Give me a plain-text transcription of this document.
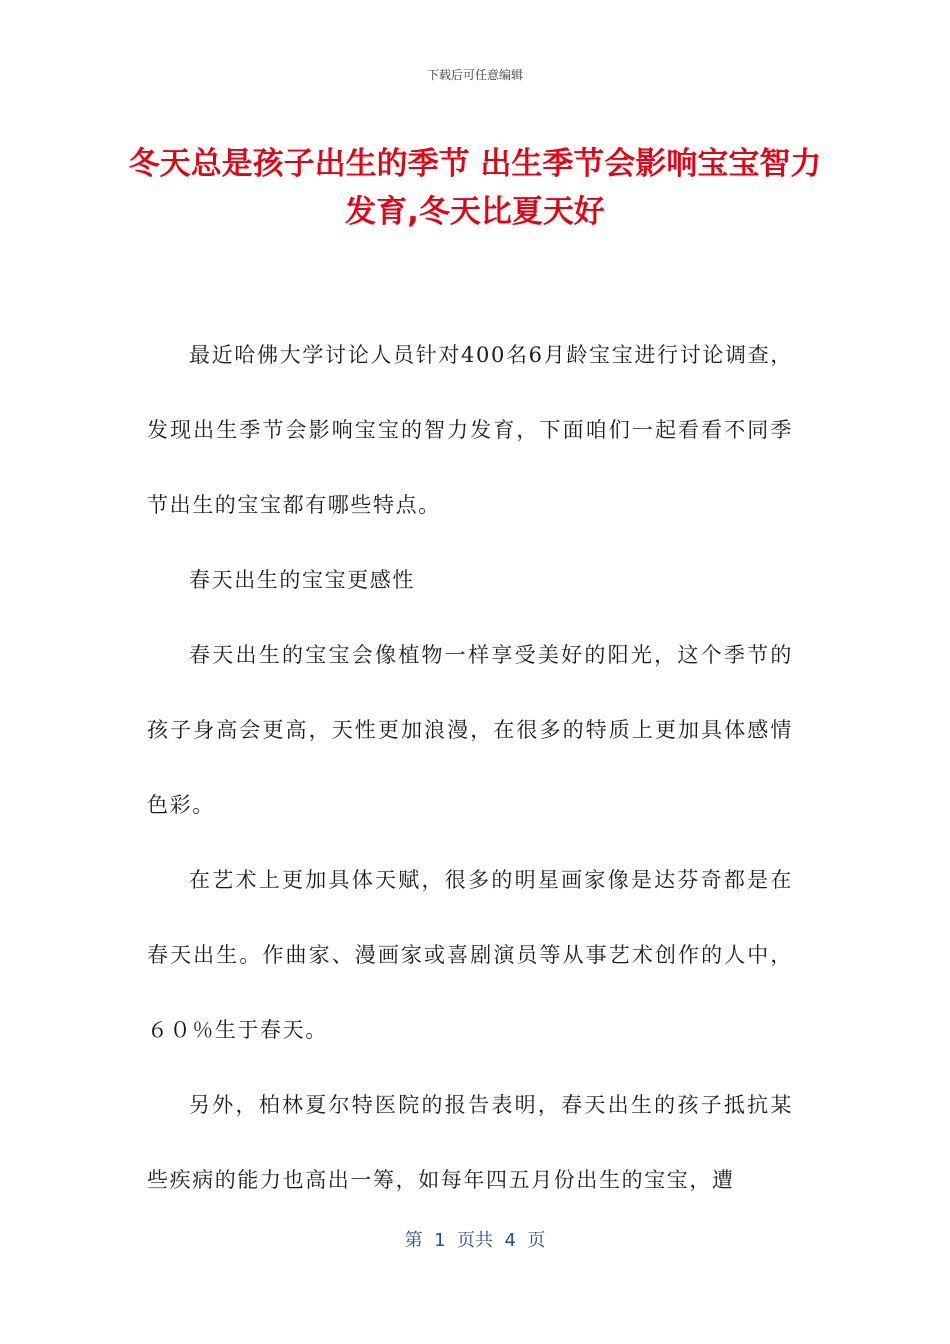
下载后可任意编辑
冬天总是孩子出生的季节 出生季节会影响宝宝智力发育,冬天比夏天好

最近哈佛大学讨论人员针对400名6月龄宝宝进行讨论调查，发现出生季节会影响宝宝的智力发育，下面咱们一起看看不同季节出生的宝宝都有哪些特点。

春天出生的宝宝更感性

春天出生的宝宝会像植物一样享受美好的阳光，这个季节的孩子身高会更高，天性更加浪漫，在很多的特质上更加具体感情色彩。

在艺术上更加具体天赋，很多的明星画家像是达芬奇都是在春天出生。作曲家、漫画家或喜剧演员等从事艺术创作的人中，６０％生于春天。

另外，柏林夏尔特医院的报告表明，春天出生的孩子抵抗某些疾病的能力也高出一筹，如每年四五月份出生的宝宝，遭

第  1  页共  4  页
